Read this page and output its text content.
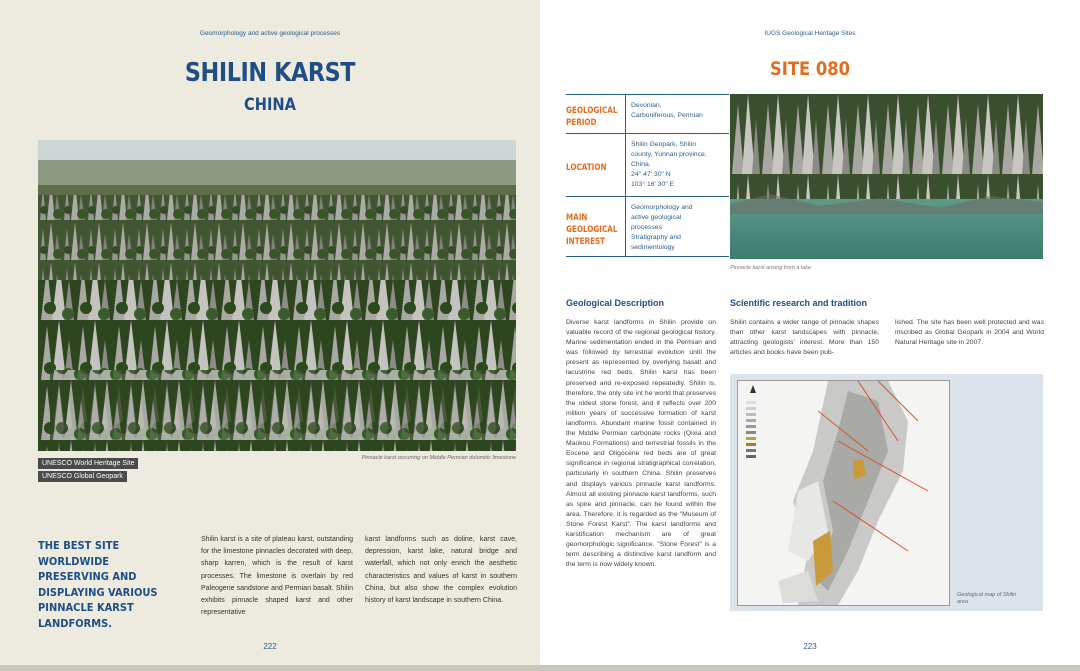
Geomorphology and active geological processes
SHILIN KARST
CHINA
Pinnacle karst occurring on Middle Permian dolomitic limestone
UNESCO World Heritage Site
UNESCO Global Geopark
THE BEST SITE WORLDWIDE PRESERVING AND DISPLAYING VARIOUS PINNACLE KARST LANDFORMS.
Shilin karst is a site of plateau karst, outstanding for the limestone pinnacles decorated with deep, sharp karren, which is the result of karst processes. The limestone is overlain by red Paleogene sandstone and Permian basalt. Shilin exhibits pinnacle shaped karst and other representative
karst landforms such as doline, karst cave, depression, karst lake, natural bridge and waterfall, which not only enrich the aesthetic characteristics and values of karst in southern China, but also show the complex evolution history of karst landscape in southern China.
222
IUGS Geological Heritage Sites
SITE 080
GEOLOGICAL
PERIOD
Devonian,
Carboniferous, Permian
LOCATION
Shilin Geopark, Shilin
county, Yunnan province,
China.
24° 47' 30" N
103° 16' 30" E
MAIN
GEOLOGICAL
INTEREST
Geomorphology and
active geological
processes
Stratigraphy and
sedimentology
Pinnacle karst arising from a lake
Geological Description
Diverse karst landforms in Shilin provide on valuable record of the regional geological history. Marine sedimentation ended in the Permian and was followed by terrestrial evolution until the present as represented by overlying basalt and lacustrine red beds. Shilin karst has been preserved and re-exposed repeatedly. Shilin is, therefore, the only site int he world that preserves the oldest stone forest, and it reflects over 200 million years of successive formation of karst landforms. Abundant marine fossil contained in the Middle Permian carbonate rocks (Qixia and Maokou Formations) and terrestrial fossils in the Eocene and Oligocene red beds are of great significance in regional stratigraphical correlation, particularly in southern China. Shilin preserves and displays various pinnacle karst landforms. Almost all existing pinnacle karst landforms, such as spire and pinnacle, can be found within the area. Therefore, it is regarded as the "Museum of Stone Forest Karst". The karst landforms and karstification mechanism are of great geomorphologic significance. "Stone Forest" is a term describing a distinctive karst landform and the term is now widely known.
Scientific research and tradition
Shilin contains a wider range of pinnacle shapes than other karst landscapes with pinnacle, attracting geologists' interest. More than 150 articles and books have been pub-
lished. The site has been well protected and was inscribed as Global Geopark in 2004 and World Natural Heritage site in 2007.
Geological map of Shilin area
223
